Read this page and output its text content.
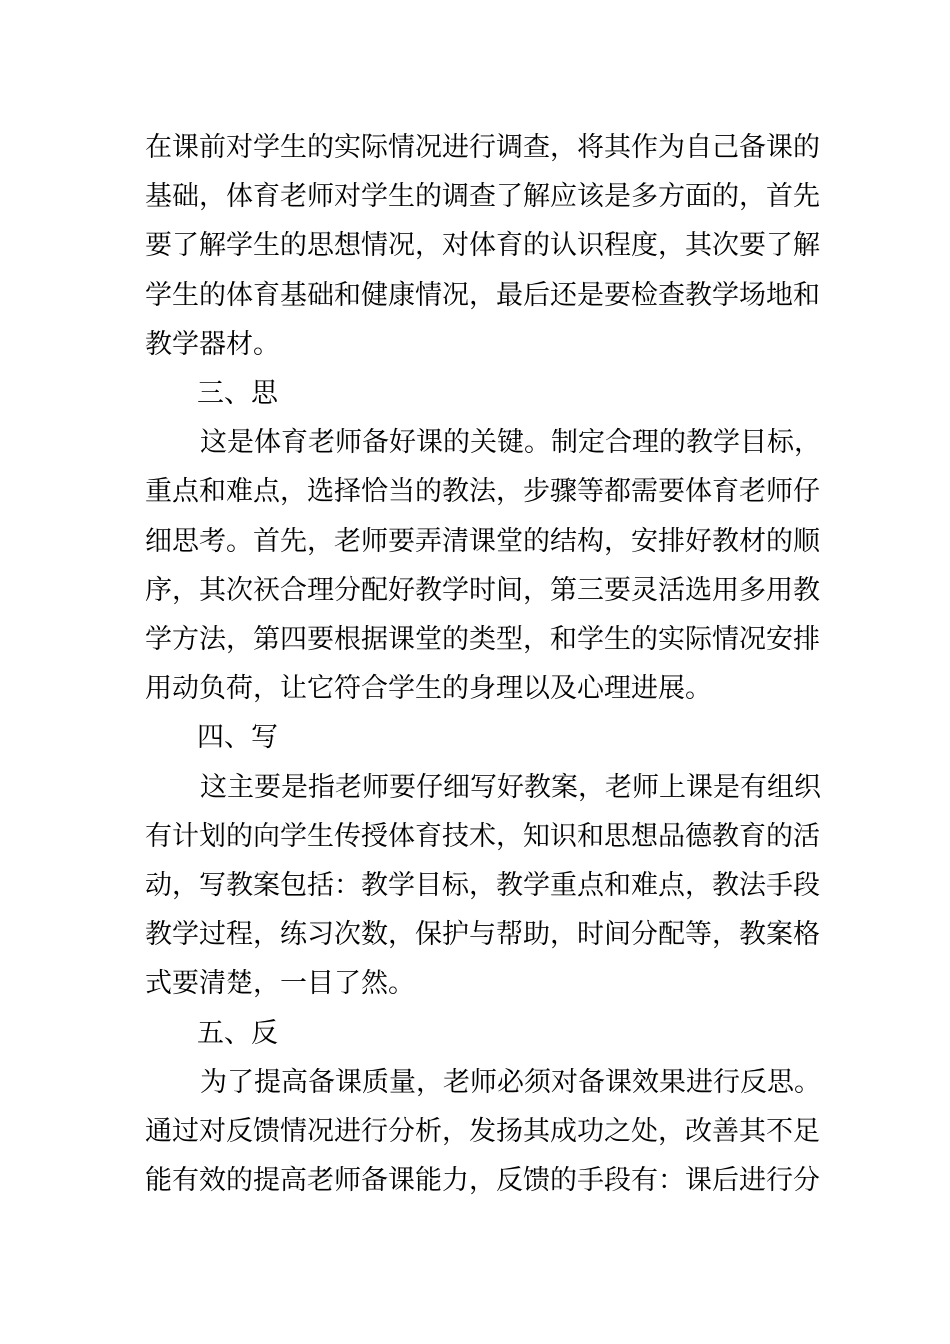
在课前对学生的实际情况进行调查，将其作为自己备课的
基础，体育老师对学生的调查了解应该是多方面的，首先
要了解学生的思想情况，对体育的认识程度，其次要了解
学生的体育基础和健康情况，最后还是要检查教学场地和
教学器材。
三、思
这是体育老师备好课的关键。制定合理的教学目标，
重点和难点，选择恰当的教法，步骤等都需要体育老师仔
细思考。首先，老师要弄清课堂的结构，安排好教材的顺
序，其次祆合理分配好教学时间，第三要灵活选用多用教
学方法，第四要根据课堂的类型，和学生的实际情况安排
用动负荷，让它符合学生的身理以及心理进展。
四、写
这主要是指老师要仔细写好教案，老师上课是有组织
有计划的向学生传授体育技术，知识和思想品德教育的活
动，写教案包括：教学目标，教学重点和难点，教法手段
教学过程，练习次数，保护与帮助，时间分配等，教案格
式要清楚，一目了然。
五、反
为了提高备课质量，老师必须对备课效果进行反思。
通过对反馈情况进行分析，发扬其成功之处，改善其不足
能有效的提高老师备课能力，反馈的手段有：课后进行分
